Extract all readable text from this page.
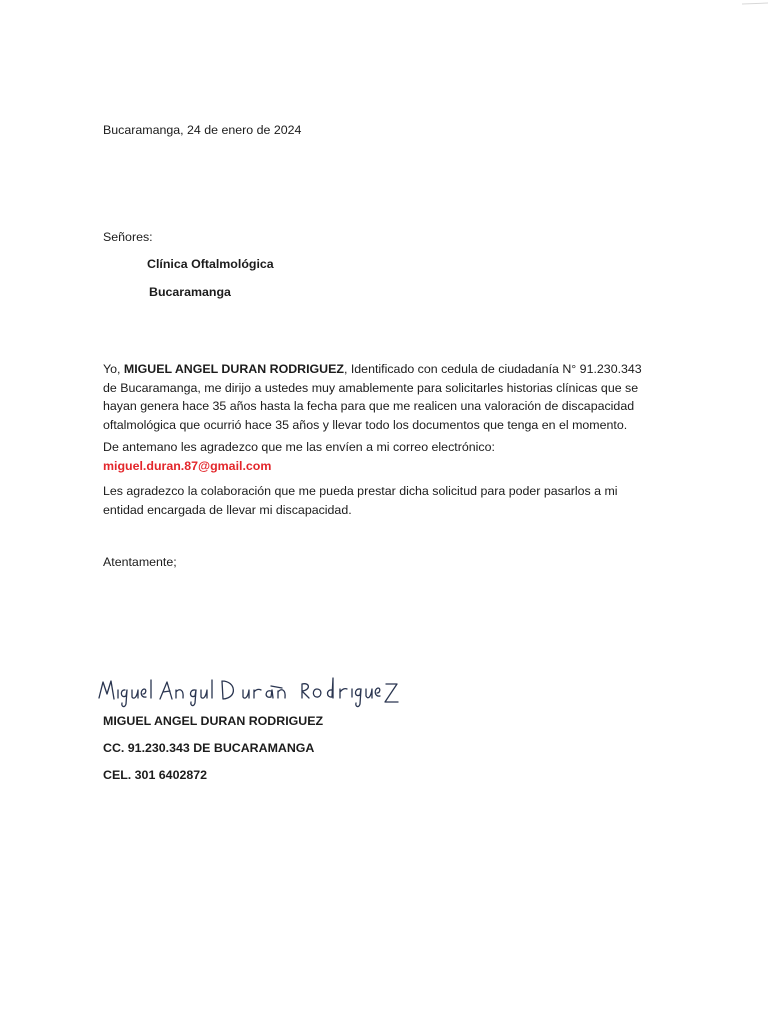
Bucaramanga, 24 de enero de 2024
Señores:
Clínica Oftalmológica
Bucaramanga

Yo, MIGUEL ANGEL DURAN RODRIGUEZ, Identificado con cedula de ciudadanía N° 91.230.343 de Bucaramanga, me dirijo a ustedes muy amablemente para solicitarles historias clínicas que se hayan genera hace 35 años hasta la fecha para que me realicen una valoración de discapacidad oftalmológica que ocurrió hace 35 años y llevar todo los documentos que tenga en el momento.

De antemano les agradezco que me las envíen a mi correo electrónico:
miguel.duran.87@gmail.com

Les agradezco la colaboración que me pueda prestar dicha solicitud para poder pasarlos a mi entidad encargada de llevar mi discapacidad.

Atentamente;
MIGUEL ANGEL DURAN RODRIGUEZ
CC. 91.230.343 DE BUCARAMANGA
CEL. 301 6402872
